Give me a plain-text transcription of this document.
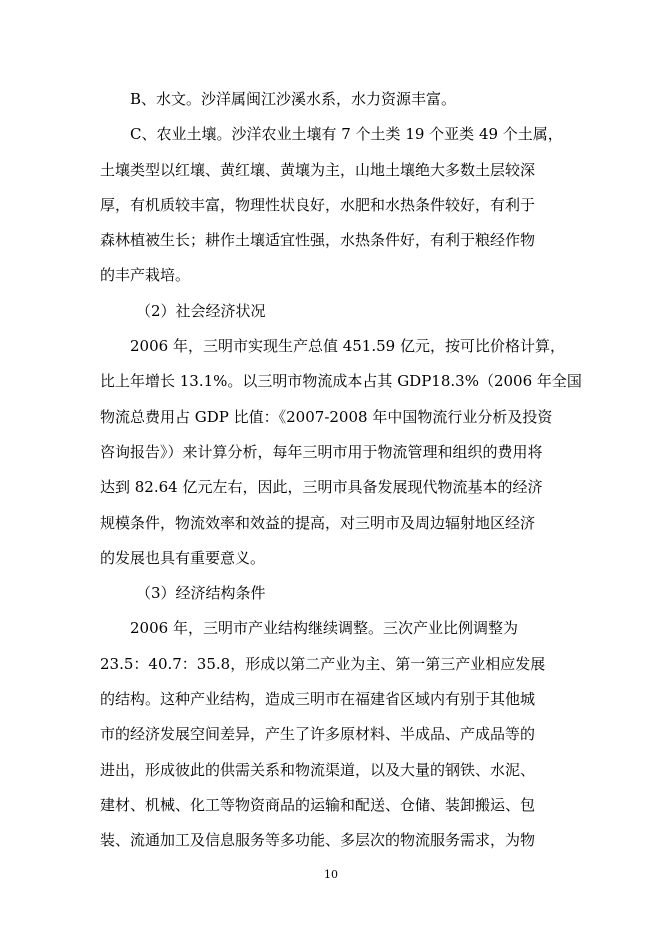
B、水文。沙洋属闽江沙溪水系，水力资源丰富。

C、农业土壤。沙洋农业土壤有 7 个土类 19 个亚类 49 个土属，
土壤类型以红壤、黄红壤、黄壤为主，山地土壤绝大多数土层较深
厚，有机质较丰富，物理性状良好，水肥和水热条件较好，有利于
森林植被生长；耕作土壤适宜性强，水热条件好，有利于粮经作物
的丰产栽培。

（2）社会经济状况

2006 年，三明市实现生产总值 451.59 亿元，按可比价格计算，
比上年增长 13.1%。以三明市物流成本占其 GDP18.3%（2006 年全国
物流总费用占 GDP 比值：《2007-2008 年中国物流行业分析及投资
咨询报告》）来计算分析，每年三明市用于物流管理和组织的费用将
达到 82.64 亿元左右，因此，三明市具备发展现代物流基本的经济
规模条件，物流效率和效益的提高，对三明市及周边辐射地区经济
的发展也具有重要意义。

（3）经济结构条件

2006 年，三明市产业结构继续调整。三次产业比例调整为
23.5：40.7：35.8，形成以第二产业为主、第一第三产业相应发展
的结构。这种产业结构，造成三明市在福建省区域内有别于其他城
市的经济发展空间差异，产生了许多原材料、半成品、产成品等的
进出，形成彼此的供需关系和物流渠道，以及大量的钢铁、水泥、
建材、机械、化工等物资商品的运输和配送、仓储、装卸搬运、包
装、流通加工及信息服务等多功能、多层次的物流服务需求，为物

10
